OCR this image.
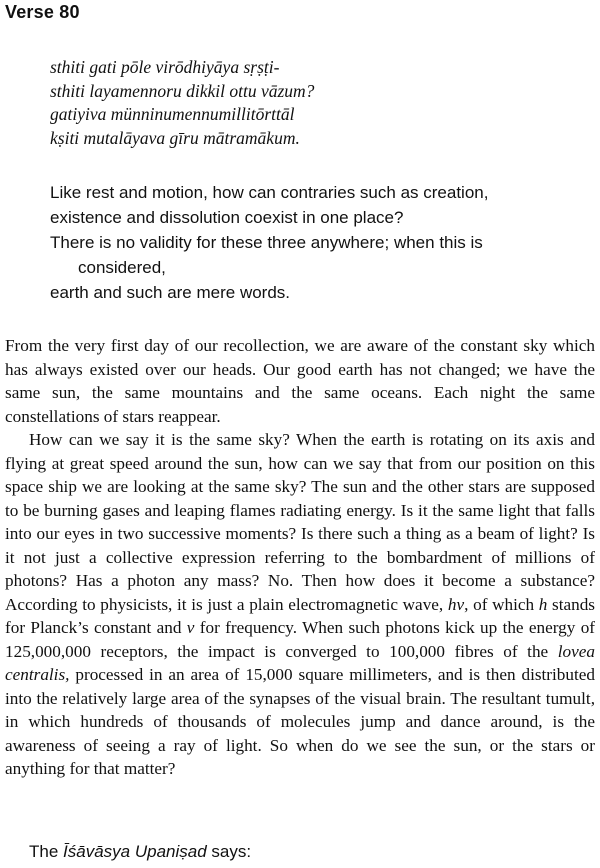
Verse 80
sthiti gati pōle virōdhiyāya sṛṣṭi-
sthiti layamennoru dikkil ottu vāzum?
gatiyiva münninumennumillitōrttāl
kṣiti mutalāyava gīru mātramākum.
Like rest and motion, how can contraries such as creation,
existence and dissolution coexist in one place?
There is no validity for these three anywhere; when this is
considered,
earth and such are mere words.

From the very first day of our recollection, we are aware of the constant sky which has always existed over our heads. Our good earth has not changed; we have the same sun, the same mountains and the same oceans. Each night the same constellations of stars reappear.

How can we say it is the same sky? When the earth is rotating on its axis and flying at great speed around the sun, how can we say that from our position on this space ship we are looking at the same sky? The sun and the other stars are supposed to be burning gases and leaping flames radiating energy. Is it the same light that falls into our eyes in two successive moments? Is there such a thing as a beam of light? Is it not just a collective expression referring to the bombardment of millions of photons? Has a photon any mass? No. Then how does it become a substance? According to physicists, it is just a plain electromagnetic wave, hv, of which h stands for Planck’s constant and v for frequency. When such photons kick up the energy of 125,000,000 receptors, the impact is converged to 100,000 fibres of the lovea centralis, processed in an area of 15,000 square millimeters, and is then distributed into the relatively large area of the synapses of the visual brain. The resultant tumult, in which hundreds of thousands of molecules jump and dance around, is the awareness of seeing a ray of light. So when do we see the sun, or the stars or anything for that matter?

The Īśāvāsya Upaniṣad says:
